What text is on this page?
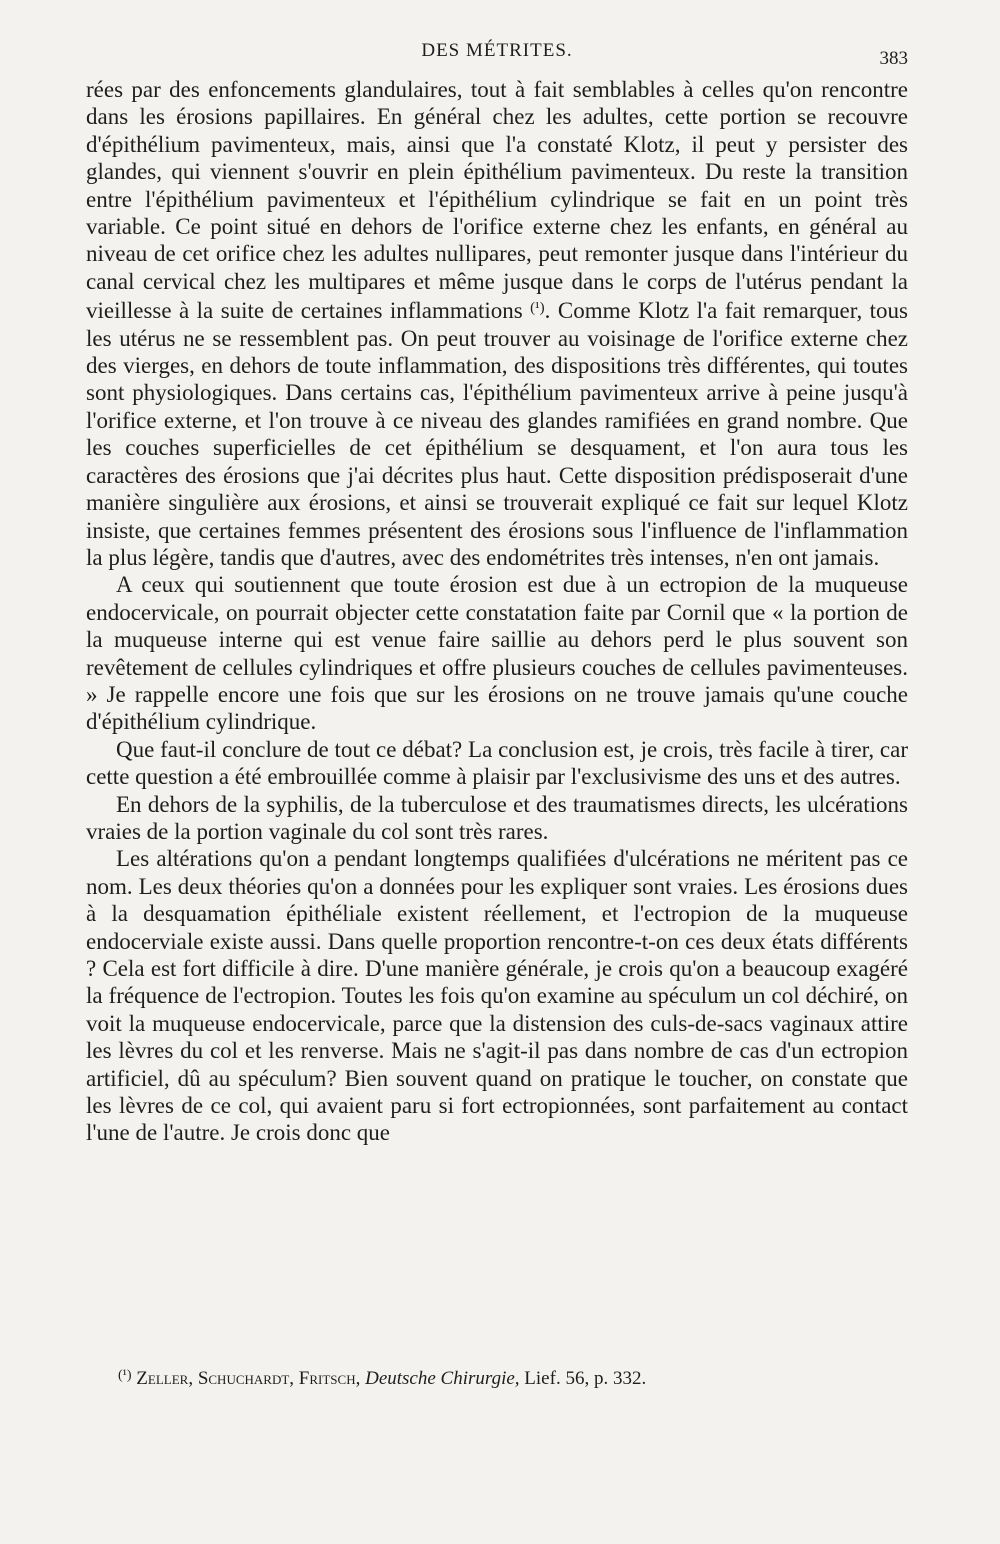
DES MÉTRITES.	383

rées par des enfoncements glandulaires, tout à fait semblables à celles qu'on rencontre dans les érosions papillaires. En général chez les adultes, cette portion se recouvre d'épithélium pavimenteux, mais, ainsi que l'a constaté Klotz, il peut y persister des glandes, qui viennent s'ouvrir en plein épithélium pavimenteux. Du reste la transition entre l'épithélium pavimenteux et l'épithélium cylindrique se fait en un point très variable. Ce point situé en dehors de l'orifice externe chez les enfants, en général au niveau de cet orifice chez les adultes nullipares, peut remonter jusque dans l'intérieur du canal cervical chez les multipares et même jusque dans le corps de l'utérus pendant la vieillesse à la suite de certaines inflammations $^{(^1)}$. Comme Klotz l'a fait remarquer, tous les utérus ne se ressemblent pas. On peut trouver au voisinage de l'orifice externe chez des vierges, en dehors de toute inflammation, des dispositions très différentes, qui toutes sont physiologiques. Dans certains cas, l'épithélium pavimenteux arrive à peine jusqu'à l'orifice externe, et l'on trouve à ce niveau des glandes ramifiées en grand nombre. Que les couches superficielles de cet épithélium se desquament, et l'on aura tous les caractères des érosions que j'ai décrites plus haut. Cette disposition prédisposerait d'une manière singulière aux érosions, et ainsi se trouverait expliqué ce fait sur lequel Klotz insiste, que certaines femmes présentent des érosions sous l'influence de l'inflammation la plus légère, tandis que d'autres, avec des endométrites très intenses, n'en ont jamais.

A ceux qui soutiennent que toute érosion est due à un ectropion de la muqueuse endocervicale, on pourrait objecter cette constatation faite par Cornil que « la portion de la muqueuse interne qui est venue faire saillie au dehors perd le plus souvent son revêtement de cellules cylindriques et offre plusieurs couches de cellules pavimenteuses. » Je rappelle encore une fois que sur les érosions on ne trouve jamais qu'une couche d'épithélium cylindrique.

Que faut-il conclure de tout ce débat? La conclusion est, je crois, très facile à tirer, car cette question a été embrouillée comme à plaisir par l'exclusivisme des uns et des autres.

En dehors de la syphilis, de la tuberculose et des traumatismes directs, les ulcérations vraies de la portion vaginale du col sont très rares.

Les altérations qu'on a pendant longtemps qualifiées d'ulcérations ne méritent pas ce nom. Les deux théories qu'on a données pour les expliquer sont vraies. Les érosions dues à la desquamation épithéliale existent réellement, et l'ectropion de la muqueuse endocerviale existe aussi. Dans quelle proportion rencontre-t-on ces deux états différents ? Cela est fort difficile à dire. D'une manière générale, je crois qu'on a beaucoup exagéré la fréquence de l'ectropion. Toutes les fois qu'on examine au spéculum un col déchiré, on voit la muqueuse endocervicale, parce que la distension des culs-de-sacs vaginaux attire les lèvres du col et les renverse. Mais ne s'agit-il pas dans nombre de cas d'un ectropion artificiel, dû au spéculum? Bien souvent quand on pratique le toucher, on constate que les lèvres de ce col, qui avaient paru si fort ectropionnées, sont parfaitement au contact l'une de l'autre. Je crois donc que

$^{(^1)}$ Zeller, Schuchardt, Fritsch, Deutsche Chirurgie, Lief. 56, p. 332.
